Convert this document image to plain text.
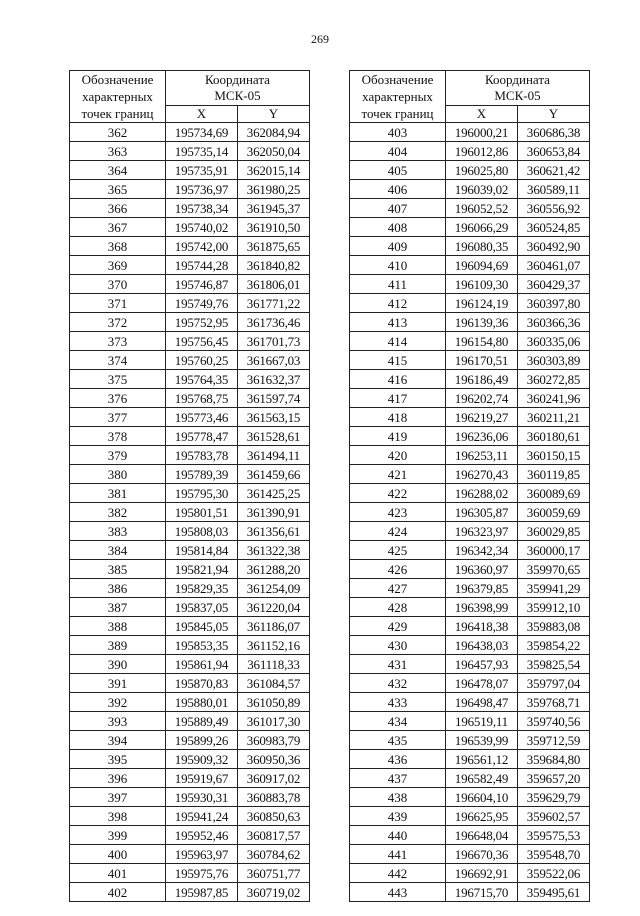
269
Обозначение характерных точек границ	Координата
МСК-05	
	X	Y
362	195734,69	362084,94
363	195735,14	362050,04
364	195735,91	362015,14
365	195736,97	361980,25
366	195738,34	361945,37
367	195740,02	361910,50
368	195742,00	361875,65
369	195744,28	361840,82
370	195746,87	361806,01
371	195749,76	361771,22
372	195752,95	361736,46
373	195756,45	361701,73
374	195760,25	361667,03
375	195764,35	361632,37
376	195768,75	361597,74
377	195773,46	361563,15
378	195778,47	361528,61
379	195783,78	361494,11
380	195789,39	361459,66
381	195795,30	361425,25
382	195801,51	361390,91
383	195808,03	361356,61
384	195814,84	361322,38
385	195821,94	361288,20
386	195829,35	361254,09
387	195837,05	361220,04
388	195845,05	361186,07
389	195853,35	361152,16
390	195861,94	361118,33
391	195870,83	361084,57
392	195880,01	361050,89
393	195889,49	361017,30
394	195899,26	360983,79
395	195909,32	360950,36
396	195919,67	360917,02
397	195930,31	360883,78
398	195941,24	360850,63
399	195952,46	360817,57
400	195963,97	360784,62
401	195975,76	360751,77
402	195987,85	360719,02
Обозначение характерных точек границ	Координата
МСК-05	
	X	Y
403	196000,21	360686,38
404	196012,86	360653,84
405	196025,80	360621,42
406	196039,02	360589,11
407	196052,52	360556,92
408	196066,29	360524,85
409	196080,35	360492,90
410	196094,69	360461,07
411	196109,30	360429,37
412	196124,19	360397,80
413	196139,36	360366,36
414	196154,80	360335,06
415	196170,51	360303,89
416	196186,49	360272,85
417	196202,74	360241,96
418	196219,27	360211,21
419	196236,06	360180,61
420	196253,11	360150,15
421	196270,43	360119,85
422	196288,02	360089,69
423	196305,87	360059,69
424	196323,97	360029,85
425	196342,34	360000,17
426	196360,97	359970,65
427	196379,85	359941,29
428	196398,99	359912,10
429	196418,38	359883,08
430	196438,03	359854,22
431	196457,93	359825,54
432	196478,07	359797,04
433	196498,47	359768,71
434	196519,11	359740,56
435	196539,99	359712,59
436	196561,12	359684,80
437	196582,49	359657,20
438	196604,10	359629,79
439	196625,95	359602,57
440	196648,04	359575,53
441	196670,36	359548,70
442	196692,91	359522,06
443	196715,70	359495,61
